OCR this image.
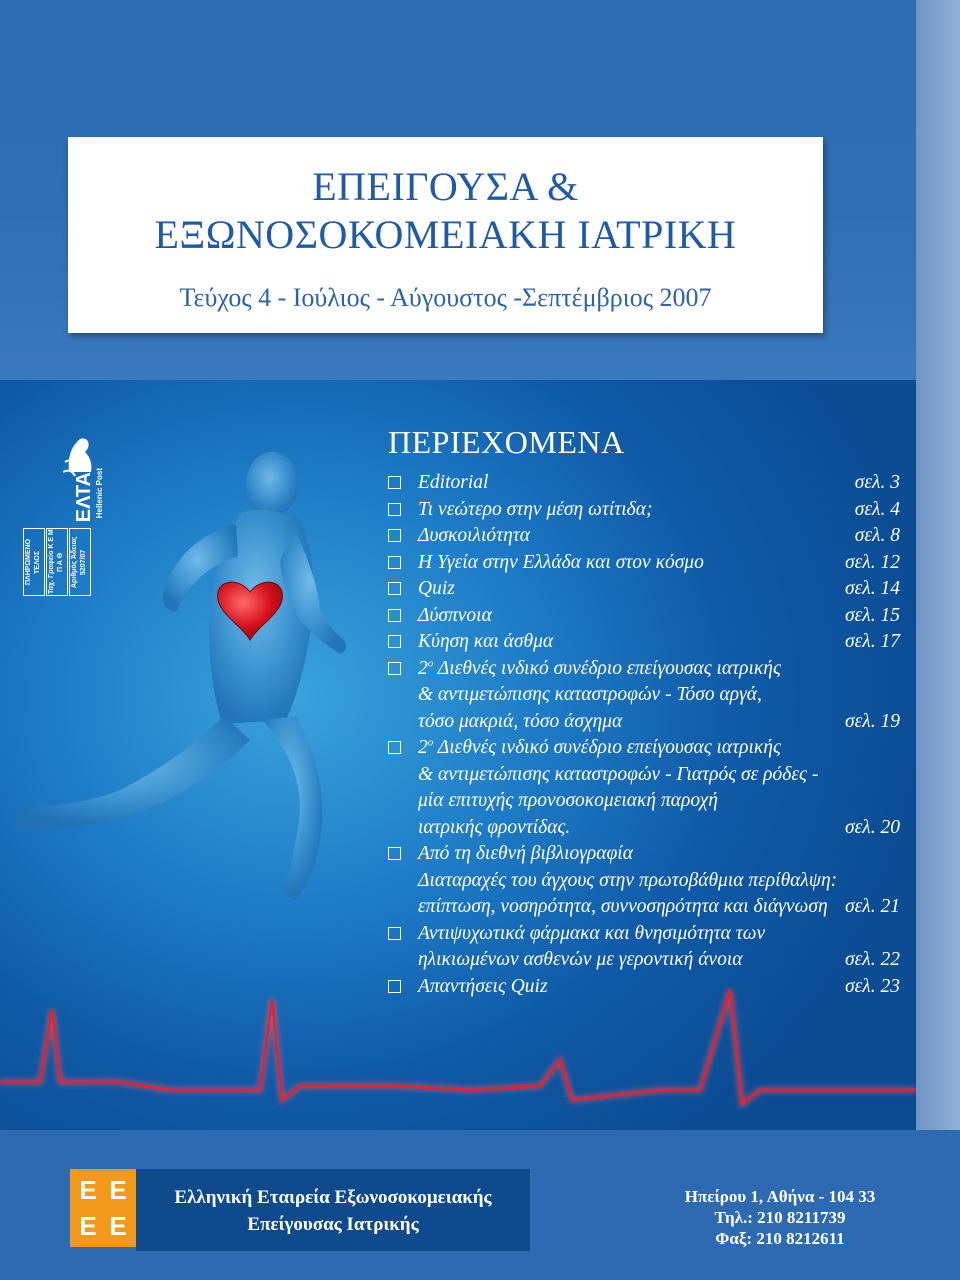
ΕΠΕΙΓΟΥΣΑ &
ΕΞΩΝΟΣΟΚΟΜΕΙΑΚΗ ΙΑΤΡΙΚΗ
Τεύχος 4 - Ιούλιος - Αύγουστος -Σεπτέμβριος 2007
ΕΛΤΑ Hellenic Post
ΠΛΗΡΩΜΕΝΟ ΤΕΛΟΣ	Ταχ. Γραφείο Κ Ε Μ Π Α Θ	Αριθμός Άδειας 5207/07
ΠΕΡΙΕΧΟΜΕΝΑ
Editorial	σελ. 3
Τι νεώτερο στην μέση ωτίτιδα;	σελ. 4
Δυσκοιλιότητα	σελ. 8
Η Υγεία στην Ελλάδα και στον κόσμο	σελ. 12
Quiz	σελ. 14
Δύσπνοια	σελ. 15
Κύηση και άσθμα	σελ. 17
$2^o$ Διεθνές ινδικό συνέδριο επείγουσας ιατρικής
& αντιμετώπισης καταστροφών - Τόσο αργά,
τόσο μακριά, τόσο άσχημα	σελ. 19
$2^o$ Διεθνές ινδικό συνέδριο επείγουσας ιατρικής
& αντιμετώπισης καταστροφών - Γιατρός σε ρόδες -
μία επιτυχής προνοσοκομειακή παροχή
ιατρικής φροντίδας.	σελ. 20
Από τη διεθνή βιβλιογραφία
Διαταραχές του άγχους στην πρωτοβάθμια περίθαλψη:
επίπτωση, νοσηρότητα, συννοσηρότητα και διάγνωση σελ. 21
Αντιψυχωτικά φάρμακα και θνησιμότητα των
ηλικιωμένων ασθενών με γεροντική άνοια	σελ. 22
Απαντήσεις Quiz	σελ. 23
E E
E E
Ελληνική Εταιρεία Εξωνοσοκομειακής
Επείγουσας Ιατρικής
Ηπείρου 1, Αθήνα - 104 33
Τηλ.: 210 8211739
Φαξ: 210 8212611
